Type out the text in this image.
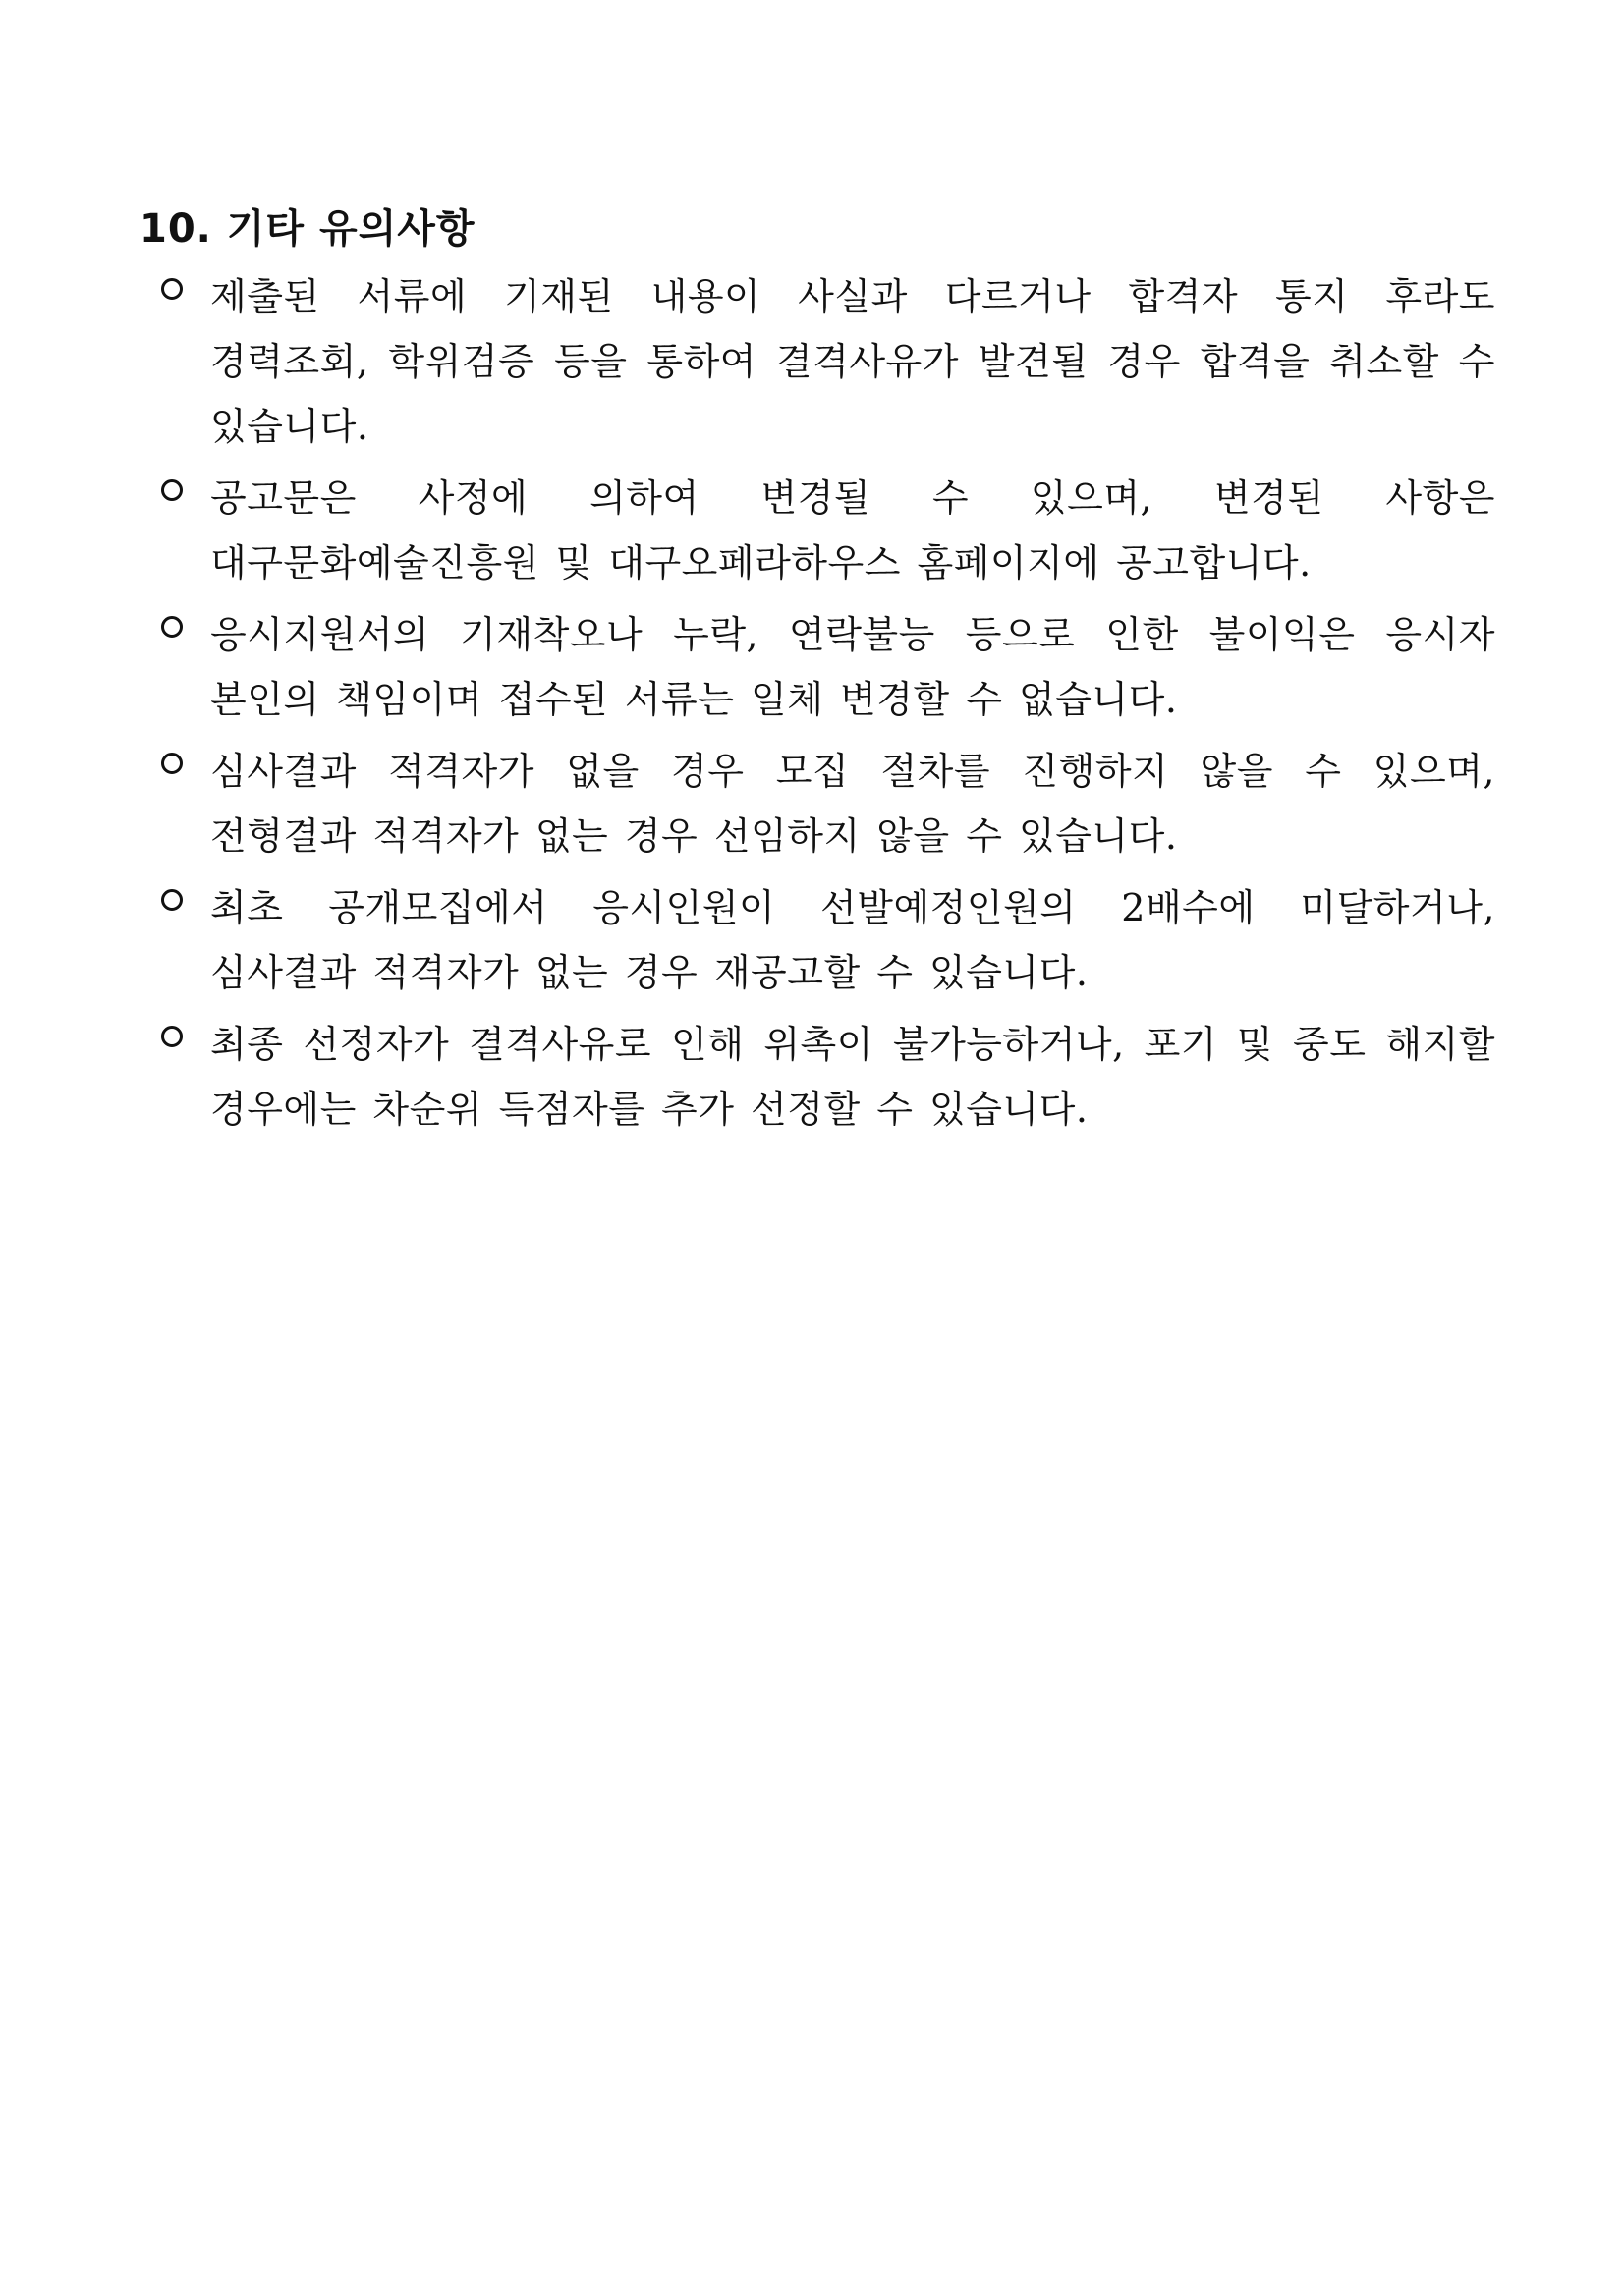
10. 기타 유의사항
제출된 서류에 기재된 내용이 사실과 다르거나 합격자 통지 후라도 경력조회, 학위검증 등을 통하여 결격사유가 발견될 경우 합격을 취소할 수 있습니다.
공고문은 사정에 의하여 변경될 수 있으며, 변경된 사항은 대구문화예술진흥원 및 대구오페라하우스 홈페이지에 공고합니다.
응시지원서의 기재착오나 누락, 연락불능 등으로 인한 불이익은 응시자 본인의 책임이며 접수된 서류는 일체 변경할 수 없습니다.
심사결과 적격자가 없을 경우 모집 절차를 진행하지 않을 수 있으며, 전형결과 적격자가 없는 경우 선임하지 않을 수 있습니다.
최초 공개모집에서 응시인원이 선발예정인원의 2배수에 미달하거나, 심사결과 적격자가 없는 경우 재공고할 수 있습니다.
최종 선정자가 결격사유로 인해 위촉이 불가능하거나, 포기 및 중도 해지할 경우에는 차순위 득점자를 추가 선정할 수 있습니다.
